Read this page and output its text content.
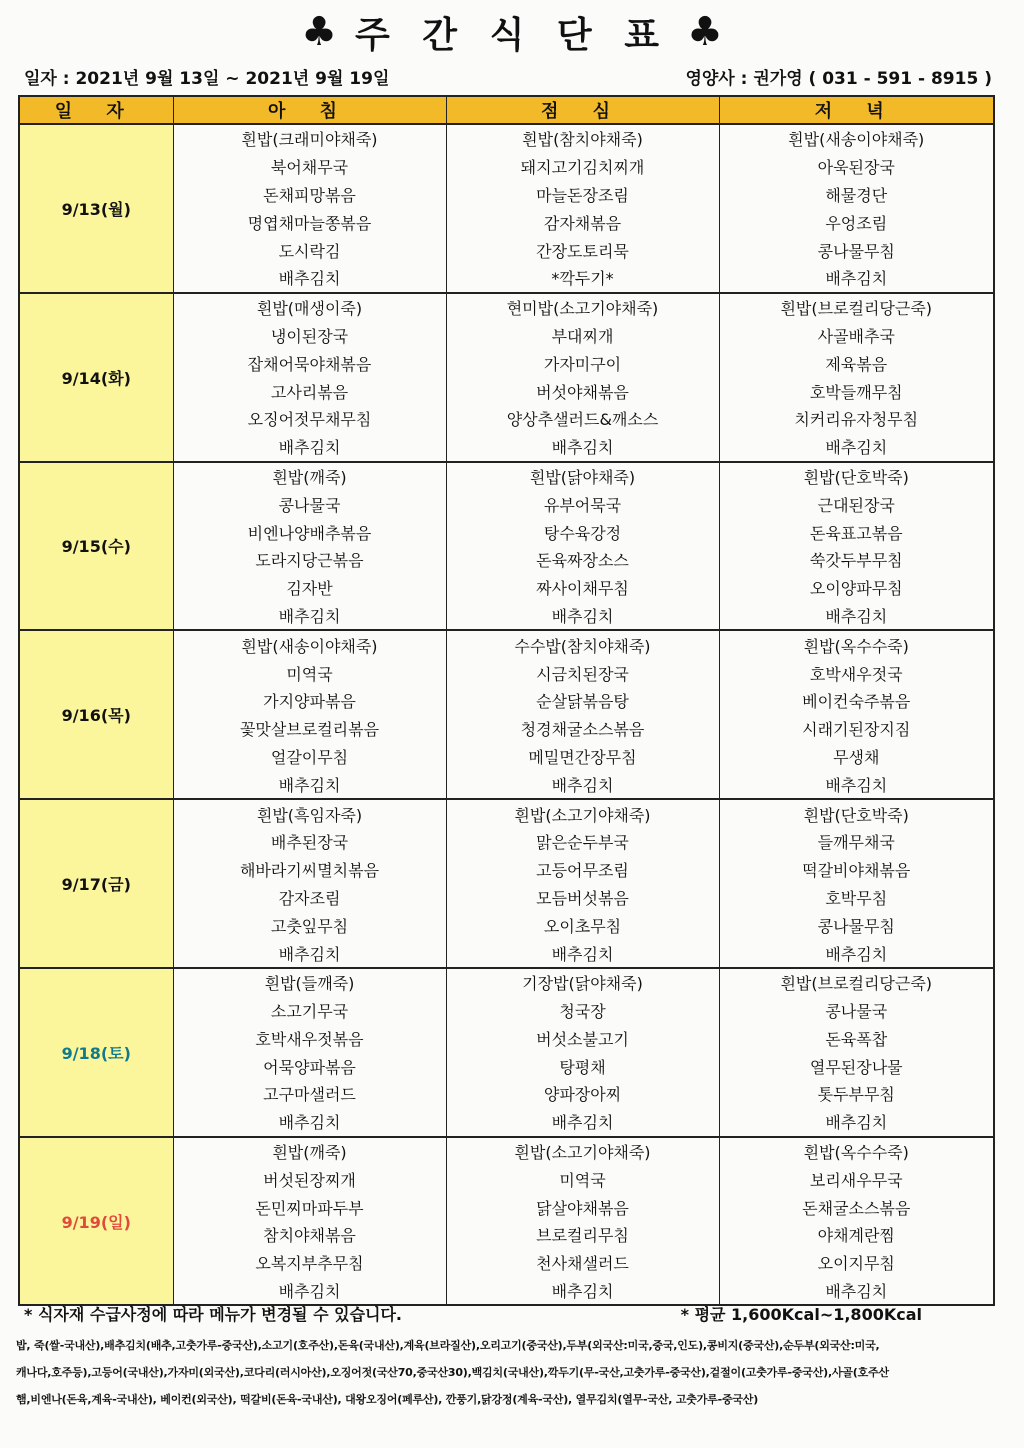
♣ 주 간 식 단 표 ♣
일자 : 2021년 9월 13일 ~ 2021년 9월 19일	영양사 : 권가영 ( 031 - 591 - 8915 )
일 자	아 침	점 심	저 녁
9/13(월)	흰밥(크래미야채죽)	흰밥(참치야채죽)	흰밥(새송이야채죽)
	북어채무국	돼지고기김치찌개	아욱된장국
	돈채피망볶음	마늘돈장조림	해물경단
	명엽채마늘쫑볶음	감자채볶음	우엉조림
	도시락김	간장도토리묵	콩나물무침
	배추김치	*깍두기*	배추김치
9/14(화)	흰밥(매생이죽)	현미밥(소고기야채죽)	흰밥(브로컬리당근죽)
	냉이된장국	부대찌개	사골배추국
	잡채어묵야채볶음	가자미구이	제육볶음
	고사리볶음	버섯야채볶음	호박들깨무침
	오징어젓무채무침	양상추샐러드&깨소스	치커리유자청무침
	배추김치	배추김치	배추김치
9/15(수)	흰밥(깨죽)	흰밥(닭야채죽)	흰밥(단호박죽)
	콩나물국	유부어묵국	근대된장국
	비엔나양배추볶음	탕수육강정	돈육표고볶음
	도라지당근볶음	돈육짜장소스	쑥갓두부무침
	김자반	짜사이채무침	오이양파무침
	배추김치	배추김치	배추김치
9/16(목)	흰밥(새송이야채죽)	수수밥(참치야채죽)	흰밥(옥수수죽)
	미역국	시금치된장국	호박새우젓국
	가지양파볶음	순살닭볶음탕	베이컨숙주볶음
	꽃맛살브로컬리볶음	청경채굴소스볶음	시래기된장지짐
	얼갈이무침	메밀면간장무침	무생채
	배추김치	배추김치	배추김치
9/17(금)	흰밥(흑임자죽)	흰밥(소고기야채죽)	흰밥(단호박죽)
	배추된장국	맑은순두부국	들깨무채국
	해바라기씨멸치볶음	고등어무조림	떡갈비야채볶음
	감자조림	모듬버섯볶음	호박무침
	고춧잎무침	오이초무침	콩나물무침
	배추김치	배추김치	배추김치
9/18(토)	흰밥(들깨죽)	기장밥(닭야채죽)	흰밥(브로컬리당근죽)
	소고기무국	청국장	콩나물국
	호박새우젓볶음	버섯소불고기	돈육폭찹
	어묵양파볶음	탕평채	열무된장나물
	고구마샐러드	양파장아찌	톳두부무침
	배추김치	배추김치	배추김치
9/19(일)	흰밥(깨죽)	흰밥(소고기야채죽)	흰밥(옥수수죽)
	버섯된장찌개	미역국	보리새우무국
	돈민찌마파두부	닭살야채볶음	돈채굴소스볶음
	참치야채볶음	브로컬리무침	야채계란찜
	오복지부추무침	천사채샐러드	오이지무침
	배추김치	배추김치	배추김치
* 식자재 수급사정에 따라 메뉴가 변경될 수 있습니다.	* 평균 1,600Kcal~1,800Kcal
밥, 죽(쌀-국내산),배추김치(배추,고춧가루-중국산),소고기(호주산),돈육(국내산),계육(브라질산),오리고기(중국산),두부(외국산:미국,중국,인도),콩비지(중국산),순두부(외국산:미국,
캐나다,호주등),고등어(국내산),가자미(외국산),코다리(러시아산),오징어젓(국산70,중국산30),백김치(국내산),깍두기(무-국산,고춧가루-중국산),겉절이(고춧가루-중국산),사골(호주산
햄,비엔나(돈육,계육-국내산), 베이컨(외국산), 떡갈비(돈육-국내산), 대왕오징어(페루산), 깐풍기,닭강정(계육-국산), 열무김치(열무-국산, 고춧가루-중국산)
